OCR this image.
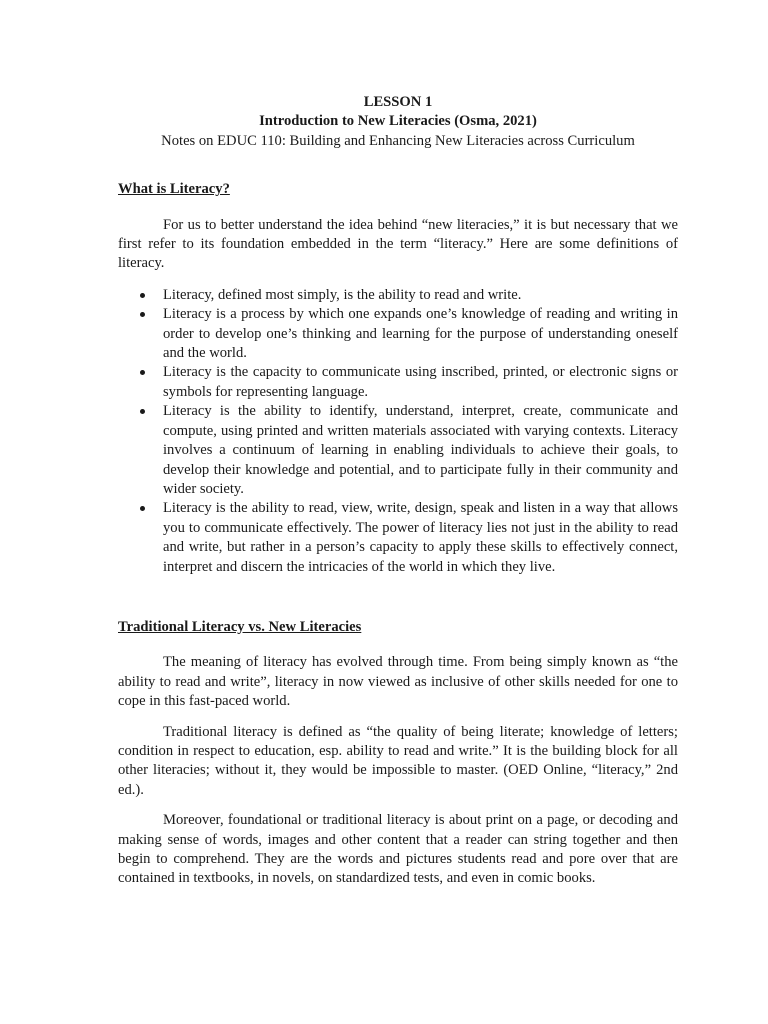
LESSON 1
Introduction to New Literacies (Osma, 2021)
Notes on EDUC 110: Building and Enhancing New Literacies across Curriculum
What is Literacy?

For us to better understand the idea behind “new literacies,” it is but necessary that we first refer to its foundation embedded in the term “literacy.” Here are some definitions of literacy.

Literacy, defined most simply, is the ability to read and write.
Literacy is a process by which one expands one’s knowledge of reading and writing in order to develop one’s thinking and learning for the purpose of understanding oneself and the world.
Literacy is the capacity to communicate using inscribed, printed, or electronic signs or symbols for representing language.
Literacy is the ability to identify, understand, interpret, create, communicate and compute, using printed and written materials associated with varying contexts. Literacy involves a continuum of learning in enabling individuals to achieve their goals, to develop their knowledge and potential, and to participate fully in their community and wider society.
Literacy is the ability to read, view, write, design, speak and listen in a way that allows you to communicate effectively. The power of literacy lies not just in the ability to read and write, but rather in a person’s capacity to apply these skills to effectively connect, interpret and discern the intricacies of the world in which they live.
Traditional Literacy vs. New Literacies

The meaning of literacy has evolved through time. From being simply known as “the ability to read and write”, literacy in now viewed as inclusive of other skills needed for one to cope in this fast-paced world.

Traditional literacy is defined as “the quality of being literate; knowledge of letters; condition in respect to education, esp. ability to read and write.” It is the building block for all other literacies; without it, they would be impossible to master. (OED Online, “literacy,” 2nd ed.).

Moreover, foundational or traditional literacy is about print on a page, or decoding and making sense of words, images and other content that a reader can string together and then begin to comprehend. They are the words and pictures students read and pore over that are contained in textbooks, in novels, on standardized tests, and even in comic books.
